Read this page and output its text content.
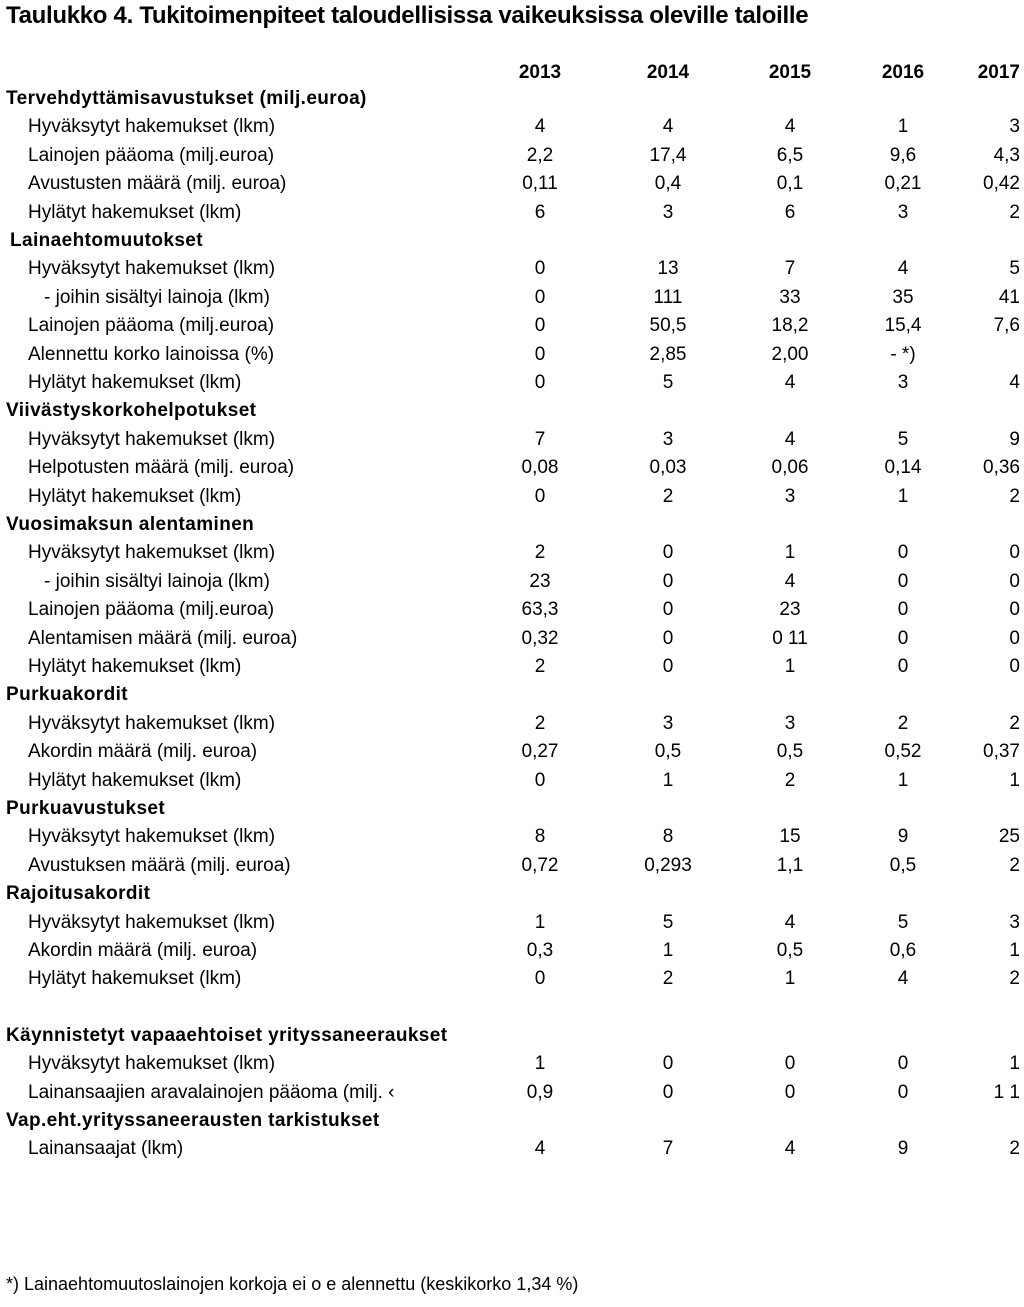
Taulukko 4. Tukitoimenpiteet taloudellisissa vaikeuksissa oleville taloille
2013	2014	2015	2016	2017
Tervehdyttämisavustukset (milj.euroa)
Hyväksytyt hakemukset (lkm)	4	4	4	1	3
Lainojen pääoma (milj.euroa)	2,2	17,4	6,5	9,6	4,3
Avustusten määrä (milj. euroa)	0,11	0,4	0,1	0,21	0,42
Hylätyt hakemukset (lkm)	6	3	6	3	2
Lainaehtomuutokset
Hyväksytyt hakemukset (lkm)	0	13	7	4	5
- joihin sisältyi lainoja (lkm)	0	111	33	35	41
Lainojen pääoma (milj.euroa)	0	50,5	18,2	15,4	7,6
Alennettu korko lainoissa (%)	0	2,85	2,00	- *)
Hylätyt hakemukset (lkm)	0	5	4	3	4
Viivästyskorkohelpotukset
Hyväksytyt hakemukset (lkm)	7	3	4	5	9
Helpotusten määrä (milj. euroa)	0,08	0,03	0,06	0,14	0,36
Hylätyt hakemukset (lkm)	0	2	3	1	2
Vuosimaksun alentaminen
Hyväksytyt hakemukset (lkm)	2	0	1	0	0
- joihin sisältyi lainoja (lkm)	23	0	4	0	0
Lainojen pääoma (milj.euroa)	63,3	0	23	0	0
Alentamisen määrä (milj. euroa)	0,32	0	0 11	0	0
Hylätyt hakemukset (lkm)	2	0	1	0	0
Purkuakordit
Hyväksytyt hakemukset (lkm)	2	3	3	2	2
Akordin määrä (milj. euroa)	0,27	0,5	0,5	0,52	0,37
Hylätyt hakemukset (lkm)	0	1	2	1	1
Purkuavustukset
Hyväksytyt hakemukset (lkm)	8	8	15	9	25
Avustuksen määrä (milj. euroa)	0,72	0,293	1,1	0,5	2
Rajoitusakordit
Hyväksytyt hakemukset (lkm)	1	5	4	5	3
Akordin määrä (milj. euroa)	0,3	1	0,5	0,6	1
Hylätyt hakemukset (lkm)	0	2	1	4	2
Käynnistetyt vapaaehtoiset yrityssaneeraukset
Hyväksytyt hakemukset (lkm)	1	0	0	0	1
Lainansaajien aravalainojen pääoma (milj. ‹	0,9	0	0	0	1 1
Vap.eht.yrityssaneerausten tarkistukset
Lainansaajat (lkm)	4	7	4	9	2
*) Lainaehtomuutoslainojen korkoja ei o e alennettu (keskikorko 1,34 %)
